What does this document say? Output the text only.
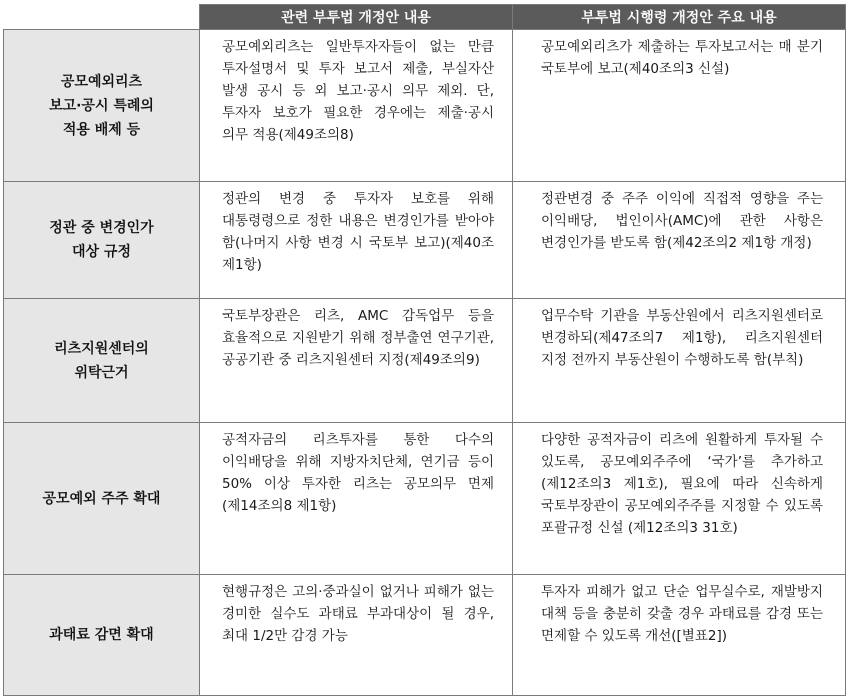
	관련 부투법 개정안 내용	부투법 시행령 개정안 주요 내용

공모예외리츠
보고·공시 특례의
적용 배제 등	공모예외리츠는 일반투자자들이 없는 만큼 투자설명서 및 투자 보고서 제출, 부실자산 발생 공시 등 외 보고·공시 의무 제외. 단, 투자자 보호가 필요한 경우에는 제출·공시 의무 적용(제49조의8)	공모예외리츠가 제출하는 투자보고서는 매 분기 국토부에 보고(제40조의3 신설)

정관 중 변경인가
대상 규정	정관의 변경 중 투자자 보호를 위해 대통령령으로 정한 내용은 변경인가를 받아야 함(나머지 사항 변경 시 국토부 보고)(제40조 제1항)	정관변경 중 주주 이익에 직접적 영향을 주는 이익배당, 법인이사(AMC)에 관한 사항은 변경인가를 받도록 함(제42조의2 제1항 개정)

리츠지원센터의
위탁근거	국토부장관은 리츠, AMC 감독업무 등을 효율적으로 지원받기 위해 정부출연 연구기관, 공공기관 중 리츠지원센터 지정(제49조의9)	업무수탁 기관을 부동산원에서 리츠지원센터로 변경하되(제47조의7 제1항), 리츠지원센터 지정 전까지 부동산원이 수행하도록 함(부칙)

공모예외 주주 확대	공적자금의 리츠투자를 통한 다수의 이익배당을 위해 지방자치단체, 연기금 등이 50% 이상 투자한 리츠는 공모의무 면제 (제14조의8 제1항)	다양한 공적자금이 리츠에 원활하게 투자될 수 있도록, 공모예외주주에 ‘국가’를 추가하고(제12조의3 제1호), 필요에 따라 신속하게 국토부장관이 공모예외주주를 지정할 수 있도록 포괄규정 신설 (제12조의3 31호)

과태료 감면 확대	현행규정은 고의·중과실이 없거나 피해가 없는 경미한 실수도 과태료 부과대상이 될 경우, 최대 1/2만 감경 가능	투자자 피해가 없고 단순 업무실수로, 재발방지 대책 등을 충분히 갖출 경우 과태료를 감경 또는 면제할 수 있도록 개선([별표2])
